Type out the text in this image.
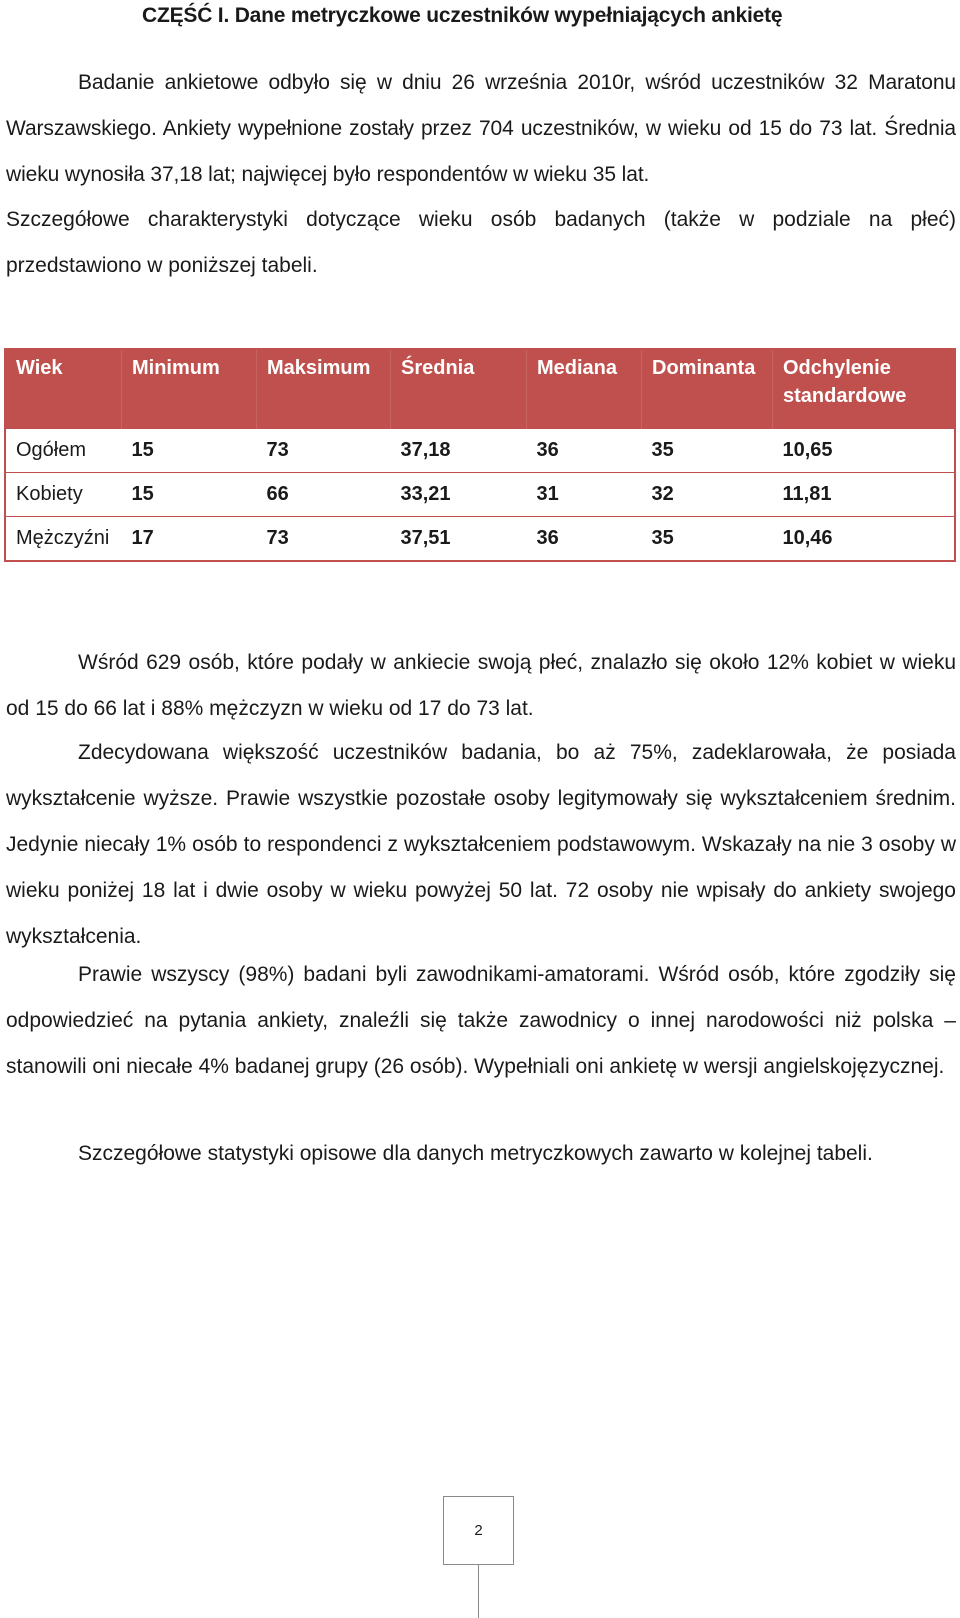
CZĘŚĆ I. Dane metryczkowe uczestników wypełniających ankietę

Badanie ankietowe odbyło się w dniu 26 września 2010r, wśród uczestników 32 Maratonu Warszawskiego. Ankiety wypełnione zostały przez 704 uczestników, w wieku od 15 do 73 lat. Średnia wieku wynosiła 37,18 lat; najwięcej było respondentów w wieku 35 lat.

Szczegółowe charakterystyki dotyczące wieku osób badanych (także w podziale na płeć) przedstawiono w poniższej tabeli.

Wiek	Minimum	Maksimum	Średnia	Mediana	Dominanta	Odchylenie standardowe
Ogółem	15	73	37,18	36	35	10,65
Kobiety	15	66	33,21	31	32	11,81
Mężczyźni	17	73	37,51	36	35	10,46

Wśród 629 osób, które podały w ankiecie swoją płeć, znalazło się około 12% kobiet w wieku od 15 do 66 lat i 88% mężczyzn w wieku od 17 do 73 lat.

Zdecydowana większość uczestników badania, bo aż 75%, zadeklarowała, że posiada wykształcenie wyższe. Prawie wszystkie pozostałe osoby legitymowały się wykształceniem średnim. Jedynie niecały 1% osób to respondenci z wykształceniem podstawowym. Wskazały na nie 3 osoby w wieku poniżej 18 lat i dwie osoby w wieku powyżej 50 lat. 72 osoby nie wpisały do ankiety swojego wykształcenia.

Prawie wszyscy (98%) badani byli zawodnikami-amatorami. Wśród osób, które zgodziły się odpowiedzieć na pytania ankiety, znaleźli się także zawodnicy o innej narodowości niż polska – stanowili oni niecałe 4% badanej grupy (26 osób). Wypełniali oni ankietę w wersji angielskojęzycznej.

Szczegółowe statystyki opisowe dla danych metryczkowych zawarto w kolejnej tabeli.

2
